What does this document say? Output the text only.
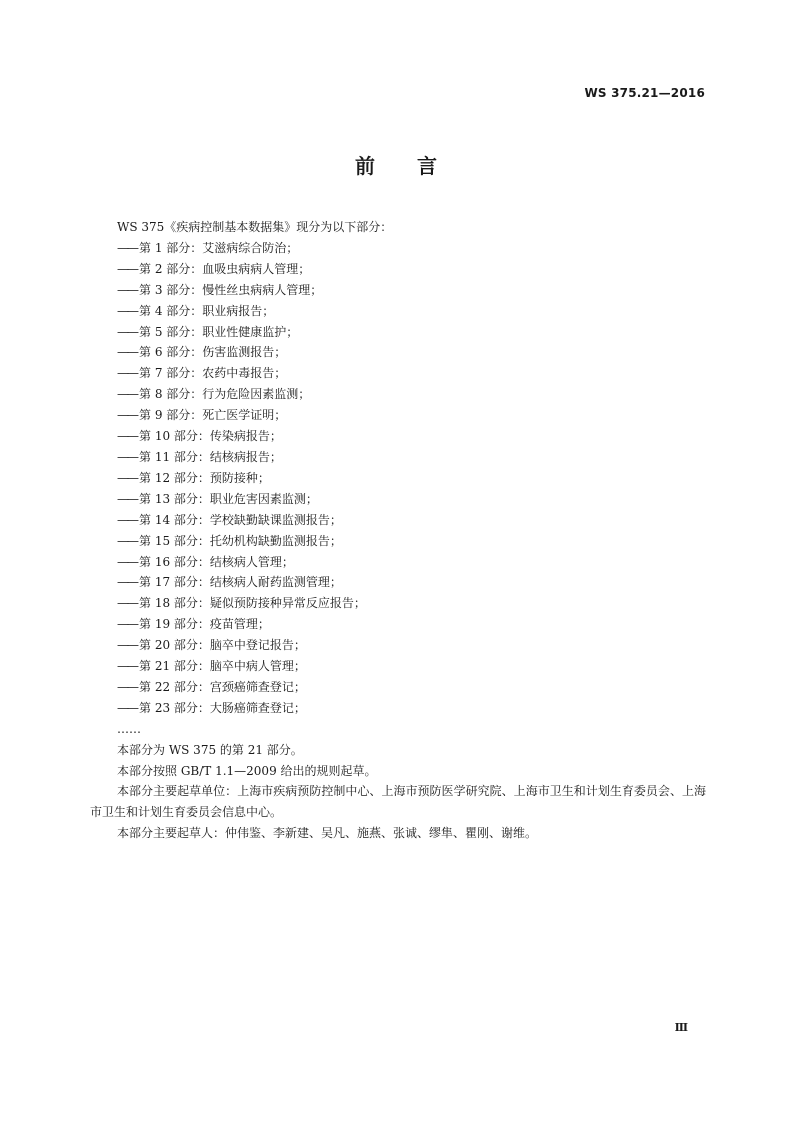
WS 375.21—2016
前 言

WS 375《疾病控制基本数据集》现分为以下部分：

—— 第 1 部分：艾滋病综合防治；

—— 第 2 部分：血吸虫病病人管理；

—— 第 3 部分：慢性丝虫病病人管理；

—— 第 4 部分：职业病报告；

—— 第 5 部分：职业性健康监护；

—— 第 6 部分：伤害监测报告；

—— 第 7 部分：农药中毒报告；

—— 第 8 部分：行为危险因素监测；

—— 第 9 部分：死亡医学证明；

—— 第 10 部分：传染病报告；

—— 第 11 部分：结核病报告；

—— 第 12 部分：预防接种；

—— 第 13 部分：职业危害因素监测；

—— 第 14 部分：学校缺勤缺课监测报告；

—— 第 15 部分：托幼机构缺勤监测报告；

—— 第 16 部分：结核病人管理；

—— 第 17 部分：结核病人耐药监测管理；

—— 第 18 部分：疑似预防接种异常反应报告；

—— 第 19 部分：疫苗管理；

—— 第 20 部分：脑卒中登记报告；

—— 第 21 部分：脑卒中病人管理；

—— 第 22 部分：宫颈癌筛查登记；

—— 第 23 部分：大肠癌筛查登记；

……

本部分为 WS 375 的第 21 部分。

本部分按照 GB/T 1.1—2009 给出的规则起草。

本部分主要起草单位：上海市疾病预防控制中心、上海市预防医学研究院、上海市卫生和计划生育委员会、上海市卫生和计划生育委员会信息中心。

本部分主要起草人：仲伟鉴、李新建、吴凡、施燕、张诚、缪隼、瞿刚、谢维。

Ⅲ
